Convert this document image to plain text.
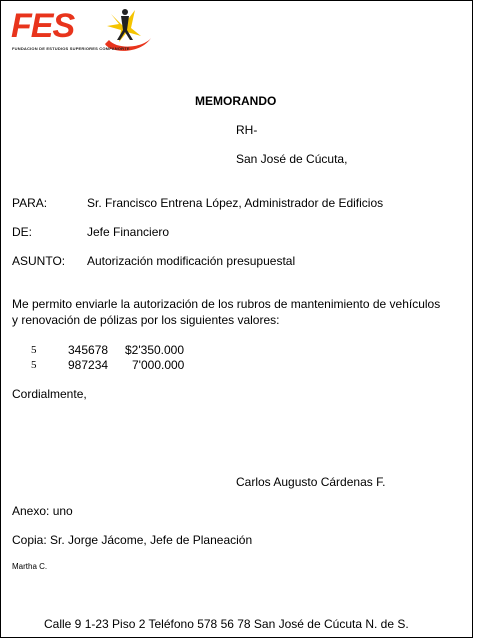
FES
FUNDACION DE ESTUDIOS SUPERIORES COMFANORTE
MEMORANDO
RH-
San José de Cúcuta,
PARA:	Sr. Francisco Entrena López, Administrador de Edificios
DE:	Jefe Financiero
ASUNTO: Autorización modificación presupuestal
Me permito enviarle la autorización de los rubros de mantenimiento de vehículos
y renovación de pólizas por los siguientes valores:
5	345678 $2'350.000
5	987234 7'000.000
Cordialmente,
Carlos Augusto Cárdenas F.
Anexo: uno
Copia: Sr. Jorge Jácome, Jefe de Planeación
Martha C.
Calle 9 1-23 Piso 2 Teléfono 578 56 78 San José de Cúcuta N. de S.
